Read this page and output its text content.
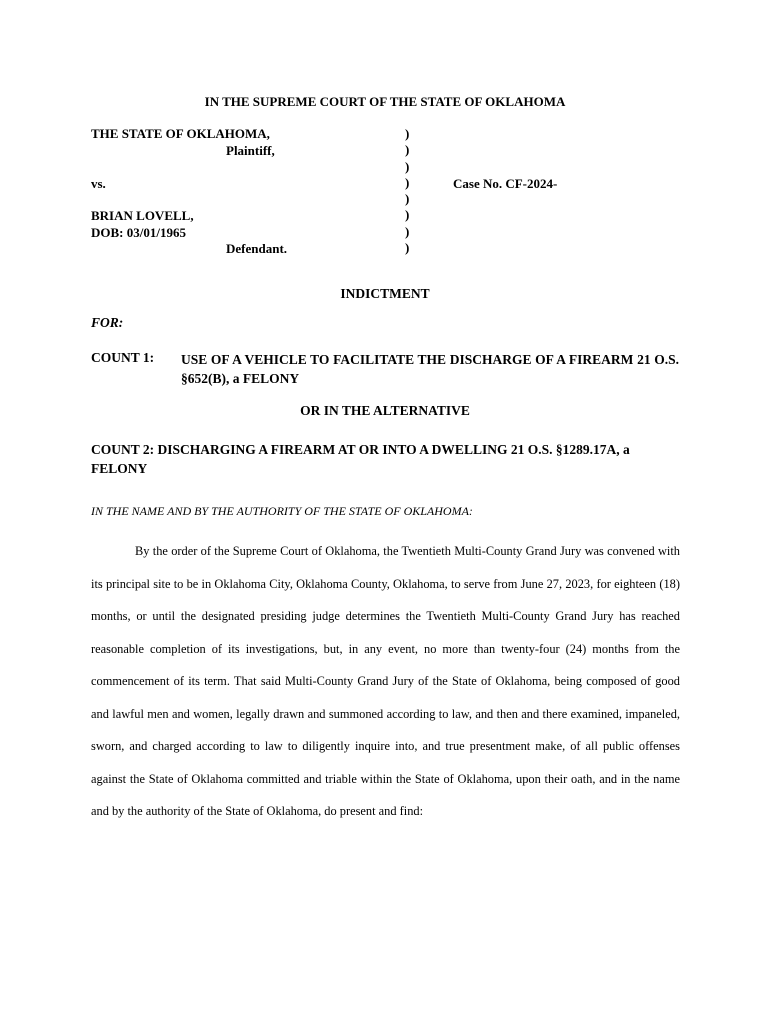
IN THE SUPREME COURT OF THE STATE OF OKLAHOMA
THE STATE OF OKLAHOMA,
Plaintiff,
vs.
BRIAN LOVELL,
DOB: 03/01/1965
Defendant.
)
)
)
)
)
)
)
)
Case No. CF-2024-
INDICTMENT
FOR:
COUNT 1: USE OF A VEHICLE TO FACILITATE THE DISCHARGE OF A FIREARM 21 O.S. §652(B), a FELONY
OR IN THE ALTERNATIVE
COUNT 2: DISCHARGING A FIREARM AT OR INTO A DWELLING 21 O.S. §1289.17A, a FELONY
IN THE NAME AND BY THE AUTHORITY OF THE STATE OF OKLAHOMA:
By the order of the Supreme Court of Oklahoma, the Twentieth Multi-County Grand Jury was convened with its principal site to be in Oklahoma City, Oklahoma County, Oklahoma, to serve from June 27, 2023, for eighteen (18) months, or until the designated presiding judge determines the Twentieth Multi-County Grand Jury has reached reasonable completion of its investigations, but, in any event, no more than twenty-four (24) months from the commencement of its term. That said Multi-County Grand Jury of the State of Oklahoma, being composed of good and lawful men and women, legally drawn and summoned according to law, and then and there examined, impaneled, sworn, and charged according to law to diligently inquire into, and true presentment make, of all public offenses against the State of Oklahoma committed and triable within the State of Oklahoma, upon their oath, and in the name and by the authority of the State of Oklahoma, do present and find:
